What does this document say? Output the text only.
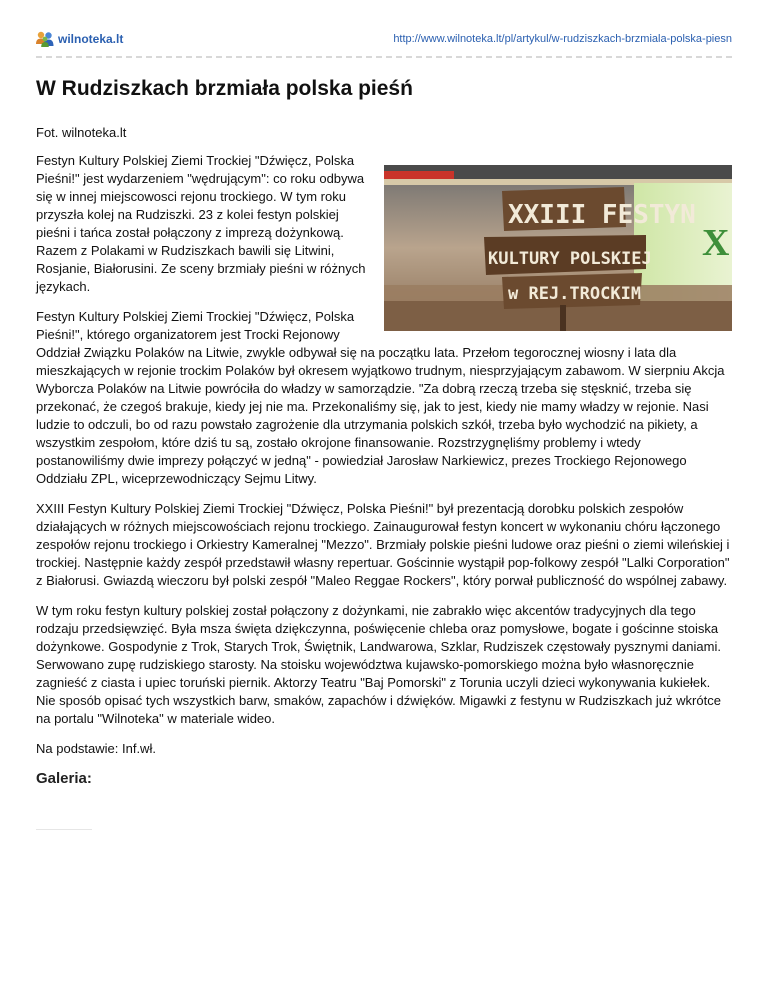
wilnoteka.lt	http://www.wilnoteka.lt/pl/artykul/w-rudziszkach-brzmiala-polska-piesn
W Rudziszkach brzmiała polska pieśń

Fot. wilnoteka.lt

X
XXIII FESTYN
KULTURY POLSKIEJ
w REJ.TROCKIM

Festyn Kultury Polskiej Ziemi Trockiej "Dźwięcz, Polska Pieśni!" jest wydarzeniem "wędrującym": co roku odbywa się w innej miejscowosci rejonu trockiego. W tym roku przyszła kolej na Rudziszki. 23 z kolei festyn polskiej pieśni i tańca został połączony z imprezą dożynkową. Razem z Polakami w Rudziszkach bawili się Litwini, Rosjanie, Białorusini. Ze sceny brzmiały pieśni w różnych językach.

Festyn Kultury Polskiej Ziemi Trockiej "Dźwięcz, Polska Pieśni!", którego organizatorem jest Trocki Rejonowy Oddział Związku Polaków na Litwie, zwykle odbywał się na początku lata. Przełom tegorocznej wiosny i lata dla mieszkających w rejonie trockim Polaków był okresem wyjątkowo trudnym, niesprzyjającym zabawom. W sierpniu Akcja Wyborcza Polaków na Litwie powróciła do władzy w samorządzie. "Za dobrą rzeczą trzeba się stęsknić, trzeba się przekonać, że czegoś brakuje, kiedy jej nie ma. Przekonaliśmy się, jak to jest, kiedy nie mamy władzy w rejonie. Nasi ludzie to odczuli, bo od razu powstało zagrożenie dla utrzymania polskich szkół, trzeba było wychodzić na pikiety, a wszystkim zespołom, które dziś tu są, zostało okrojone finansowanie. Rozstrzygnęliśmy problemy i wtedy postanowiliśmy dwie imprezy połączyć w jedną" - powiedział Jarosław Narkiewicz, prezes Trockiego Rejonowego Oddziału ZPL, wiceprzewodniczący Sejmu Litwy.

XXIII Festyn Kultury Polskiej Ziemi Trockiej "Dźwięcz, Polska Pieśni!" był prezentacją dorobku polskich zespołów działających w różnych miejscowościach rejonu trockiego. Zainaugurował festyn koncert w wykonaniu chóru łączonego zespołów rejonu trockiego i Orkiestry Kameralnej "Mezzo". Brzmiały polskie pieśni ludowe oraz pieśni o ziemi wileńskiej i trockiej. Następnie każdy zespół przedstawił własny repertuar. Gościnnie wystąpił pop-folkowy zespół "Lalki Corporation" z Białorusi. Gwiazdą wieczoru był polski zespół "Maleo Reggae Rockers", który porwał publiczność do wspólnej zabawy.

W tym roku festyn kultury polskiej został połączony z dożynkami, nie zabrakło więc akcentów tradycyjnych dla tego rodzaju przedsięwzięć. Była msza święta dziękczynna, poświęcenie chleba oraz pomysłowe, bogate i gościnne stoiska dożynkowe. Gospodynie z Trok, Starych Trok, Świętnik, Landwarowa, Szklar, Rudziszek częstowały pysznymi daniami. Serwowano zupę rudziskiego starosty. Na stoisku województwa kujawsko-pomorskiego można było własnoręcznie zagnieść z ciasta i upiec toruński piernik. Aktorzy Teatru "Baj Pomorski" z Torunia uczyli dzieci wykonywania kukiełek. Nie sposób opisać tych wszystkich barw, smaków, zapachów i dźwięków. Migawki z festynu w Rudziszkach już wkrótce na portalu "Wilnoteka" w materiale wideo.

Na podstawie: Inf.wł.

Galeria:
